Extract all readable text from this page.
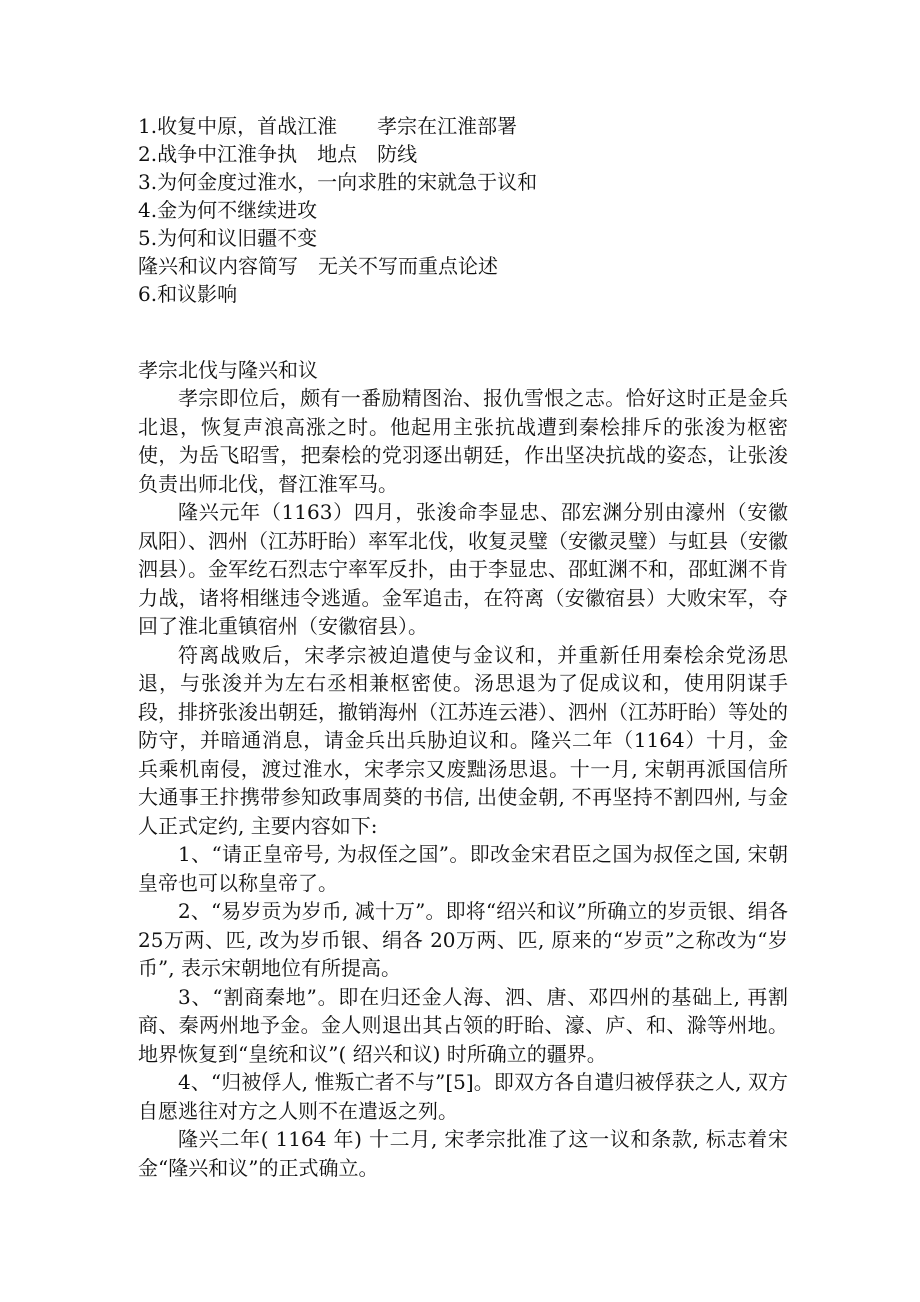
1.收复中原，首战江淮　　孝宗在江淮部署
2.战争中江淮争执　地点　防线
3.为何金度过淮水，一向求胜的宋就急于议和
4.金为何不继续进攻
5.为何和议旧疆不变
隆兴和议内容简写　无关不写而重点论述
6.和议影响
孝宗北伐与隆兴和议

孝宗即位后，颇有一番励精图治、报仇雪恨之志。恰好这时正是金兵北退，恢复声浪高涨之时。他起用主张抗战遭到秦桧排斥的张浚为枢密使，为岳飞昭雪，把秦桧的党羽逐出朝廷，作出坚决抗战的姿态，让张浚负责出师北伐，督江淮军马。

隆兴元年（1163）四月，张浚命李显忠、邵宏渊分别由濠州（安徽凤阳）、泗州（江苏盱眙）率军北伐，收复灵璧（安徽灵璧）与虹县（安徽泗县）。金军纥石烈志宁率军反扑，由于李显忠、邵虹渊不和，邵虹渊不肯力战，诸将相继违令逃遁。金军追击，在符离（安徽宿县）大败宋军，夺回了淮北重镇宿州（安徽宿县）。

符离战败后，宋孝宗被迫遣使与金议和，并重新任用秦桧余党汤思退，与张浚并为左右丞相兼枢密使。汤思退为了促成议和，使用阴谋手段，排挤张浚出朝廷，撤销海州（江苏连云港）、泗州（江苏盱眙）等处的防守，并暗通消息，请金兵出兵胁迫议和。隆兴二年（1164）十月，金兵乘机南侵，渡过淮水，宋孝宗又废黜汤思退。十一月, 宋朝再派国信所大通事王抃携带参知政事周葵的书信, 出使金朝, 不再坚持不割四州, 与金人正式定约, 主要内容如下:

1、“请正皇帝号, 为叔侄之国”。即改金宋君臣之国为叔侄之国, 宋朝皇帝也可以称皇帝了。

2、“易岁贡为岁币, 减十万”。即将“绍兴和议”所确立的岁贡银、绢各 25万两、匹, 改为岁币银、绢各 20万两、匹, 原来的“岁贡”之称改为“岁币”, 表示宋朝地位有所提高。

3、“割商秦地”。即在归还金人海、泗、唐、邓四州的基础上, 再割商、秦两州地予金。金人则退出其占领的盱眙、濠、庐、和、滁等州地。地界恢复到“皇统和议”( 绍兴和议) 时所确立的疆界。

4、“归被俘人, 惟叛亡者不与”[5]。即双方各自遣归被俘获之人, 双方自愿逃往对方之人则不在遣返之列。

隆兴二年( 1164 年) 十二月, 宋孝宗批准了这一议和条款, 标志着宋金“隆兴和议”的正式确立。
